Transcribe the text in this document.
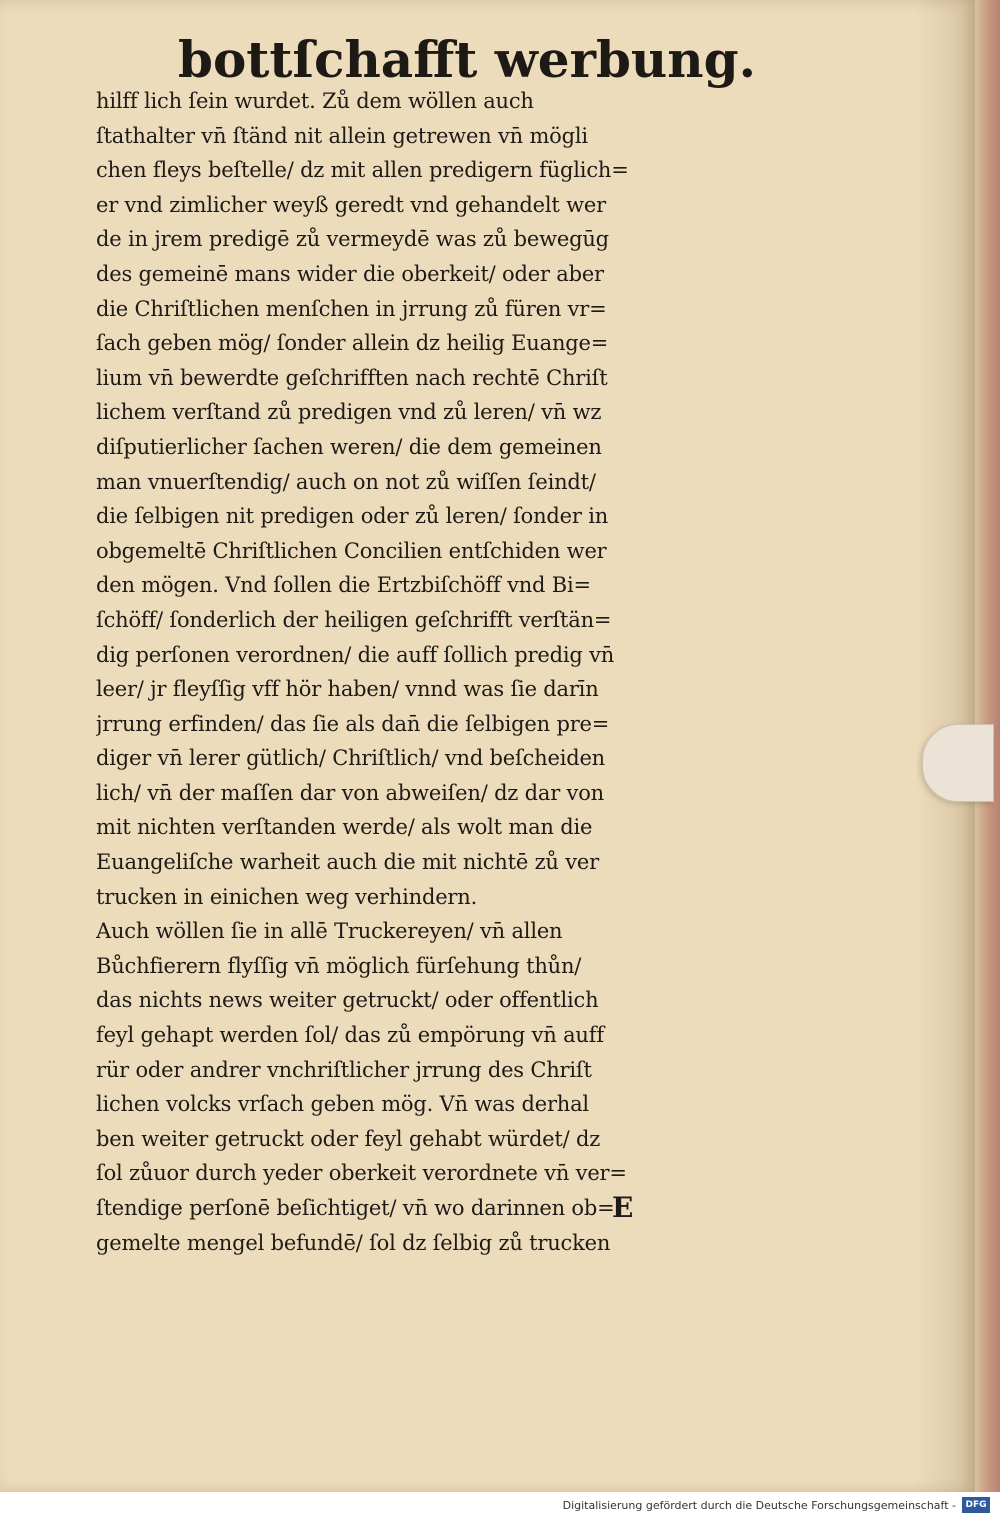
bottſchafft werbung.
hilff lich ſein wurdet. Zů dem wöllen auch
ſtathalter vn̄ ſtänd nit allein getrewen vn̄ mögli
chen fleys beſtelle/ dz mit allen predigern füglich=
er vnd zimlicher weyß geredt vnd gehandelt wer
de in jrem predigē zů vermeydē was zů bewegūg
des gemeinē mans wider die oberkeit/ oder aber
die Chriſtlichen menſchen in jrrung zů füren vr=
ſach geben mög/ ſonder allein dz heilig Euange=
lium vn̄ bewerdte geſchrifften nach rechtē Chriſt
lichem verſtand zů predigen vnd zů leren/ vn̄ wz
diſputierlicher ſachen weren/ die dem gemeinen
man vnuerſtendig/ auch on not zů wiſſen ſeindt/
die ſelbigen nit predigen oder zů leren/ ſonder in
obgemeltē Chriſtlichen Concilien entſchiden wer
den mögen. Vnd ſollen die Ertzbiſchöff vnd Bi=
ſchöff/ ſonderlich der heiligen geſchrifft verſtän=
dig perſonen verordnen/ die auff ſollich predig vn̄
leer/ jr fleyſſig vff hör haben/ vnnd was ſie darīn
jrrung erfinden/ das ſie als dan̄ die ſelbigen pre=
diger vn̄ lerer gütlich/ Chriſtlich/ vnd beſcheiden
lich/ vn̄ der maſſen dar von abweiſen/ dz dar von
mit nichten verſtanden werde/ als wolt man die
Euangeliſche warheit auch die mit nichtē zů ver
trucken in einichen weg verhindern.
Auch wöllen ſie in allē Truckereyen/ vn̄ allen
Bůchfierern flyſſig vn̄ möglich fürſehung thůn/
das nichts news weiter getruckt/ oder offentlich
feyl gehapt werden ſol/ das zů empörung vn̄ auff
rür oder andrer vnchriſtlicher jrrung des Chriſt
lichen volcks vrſach geben mög. Vn̄ was derhal
ben weiter getruckt oder feyl gehabt würdet/ dz
ſol zůuor durch yeder oberkeit verordnete vn̄ ver=
ſtendige perſonē beſichtiget/ vn̄ wo darinnen ob=
gemelte mengel befundē/ ſol dz ſelbig zů trucken
E
Digitalisierung gefördert durch die Deutsche Forschungsgemeinschaft -	DFG
